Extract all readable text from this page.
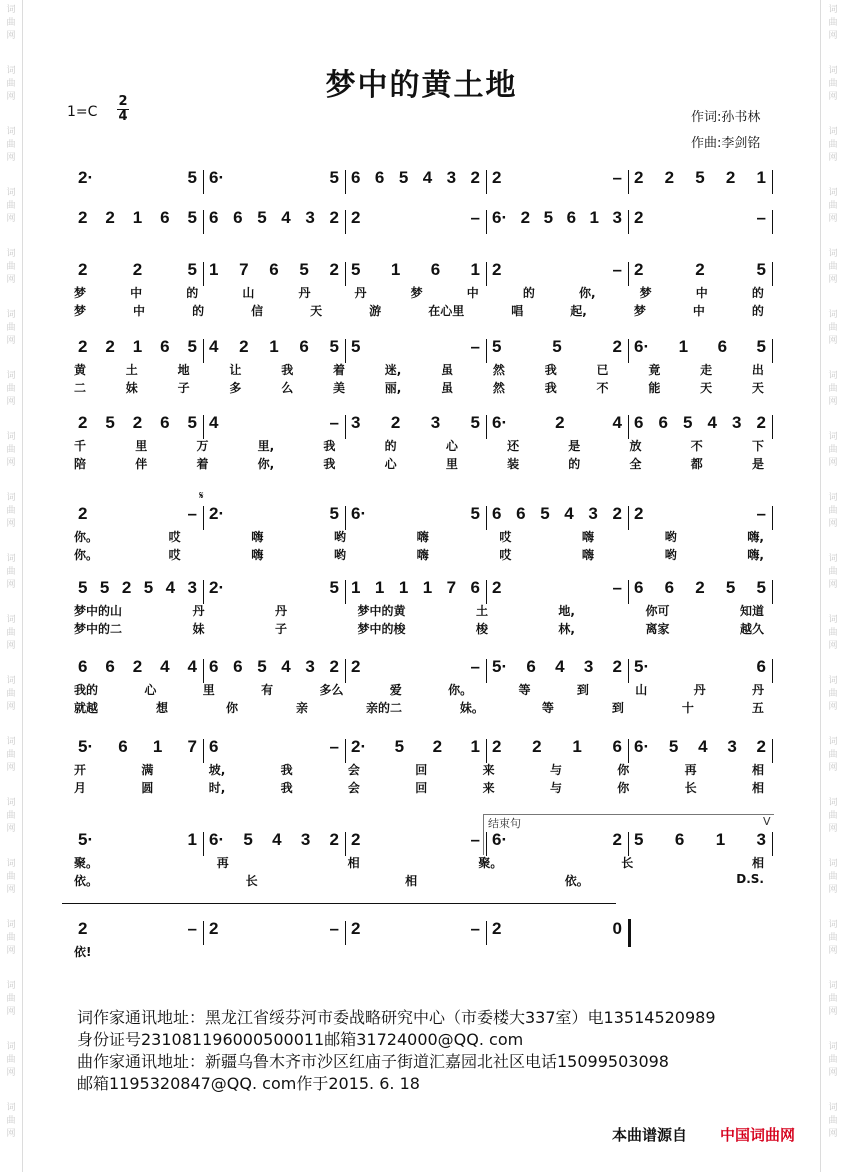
词
曲
网
词
曲
网
词
曲
网
词
曲
网
词
曲
网
词
曲
网
词
曲
网
词
曲
网
词
曲
网
词
曲
网
词
曲
网
词
曲
网
词
曲
网
词
曲
网
词
曲
网
词
曲
网
词
曲
网
词
曲
网
词
曲
网
词
曲
网
词
曲
网
词
曲
网
词
曲
网
词
曲
网
词
曲
网
词
曲
网
词
曲
网
词
曲
网
词
曲
网
词
曲
网
词
曲
网
词
曲
网
词
曲
网
词
曲
网
词
曲
网
词
曲
网
词
曲
网
词
曲
网
梦中的黄土地
1=C
2
4	作词:孙书林
作曲:李剑铭
2·	5 6·	5 6 6 5 4 3 2 2	– 2 2 5 2 1
2 2 1 6 5 6 6 5 4 3 2 2	– 6· 2 5 6 1 3 2	–
2	2	5 1 7 6 5 2 5 1 6 1 2	– 2	2	5
梦	中	的	山	丹	丹	梦	中	的	你,	梦	中	的
梦	中	的	信	天	游	在心里	唱	起,	梦	中	的
2 2 1 6 5 4 2 1 6 5 5	– 5	5	2 6· 1 6 5
黄	土	地	让	我	着	迷,	虽	然	我	已	竟	走	出
二	妹	子	多	么	美	丽,	虽	然	我	不	能	天	天
2 5 2 6 5 4	– 3 2 3 5 6·	2	4 6 6 5 4 3 2
千	里	万	里,	我	的	心	还	是	放	不	下
陪	伴	着	你,	我	心	里	装	的	全	都	是
2	– 2·	5 6·	5 6 6 5 4 3 2 2	–
你。	哎	嗨	哟	嗨	哎	嗨	哟	嗨,
你。	哎	嗨	哟	嗨	哎	嗨	哟	嗨,
5 5 2 5 4 3 2·	5 1 1 1 1 7 6 2	– 6 6 2 5 5
梦中的山	丹	丹	梦中的黄	土	地,	你可	知道
梦中的二	妹	子	梦中的梭	梭	林,	离家	越久
6 6 2 4 4 6 6 5 4 3 2 2	– 5· 6 4 3 2 5·	6
我的	心	里	有	多么	爱	你。	等	到	山	丹	丹
就越	想	你	亲	亲的二	妹。	等	到	十	五
5· 6 1 7 6	– 2· 5 2 1 2 2 1 6 6· 5 4 3 2
开	满	坡,	我	会	回	来	与	你	再	相
月	圆	时,	我	会	回	来	与	你	长	相
5·	1 6· 5 4 3 2 2	– 6·	2 5 6 1 3
聚。	再	相	聚。	长	相
依。	长	相	依。	D.S.
2	– 2	– 2	– 2	0
依!
𝄋
结束句	V
词作家通讯地址：黑龙江省绥芬河市委战略研究中心（市委楼大337室）电13514520989
身份证号231081196000500011邮箱31724000@QQ. com
曲作家通讯地址：新疆乌鲁木齐市沙区红庙子街道汇嘉园北社区电话15099503098
邮箱1195320847@QQ. com作于2015. 6. 18
本曲谱源自 中国词曲网
